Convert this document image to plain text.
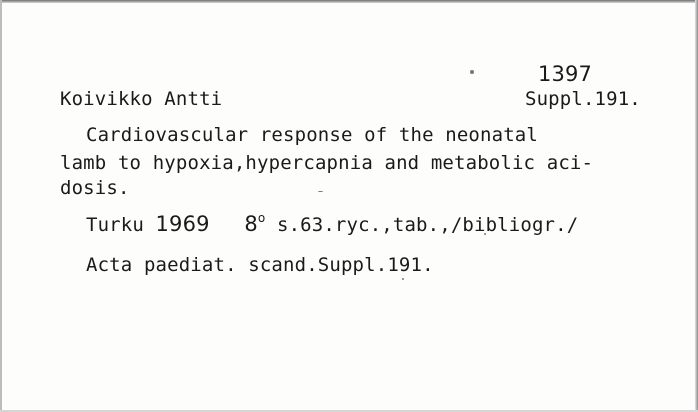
1397
Koivikko Antti	Suppl.191.
Cardiovascular response of the neonatal
lamb to hypoxia,hypercapnia and metabolic aci-
dosis.
Turku 1969 8$^o$ s.63.ryc.,tab.,/bibliogr./
Acta paediat. scand.Suppl.191.
